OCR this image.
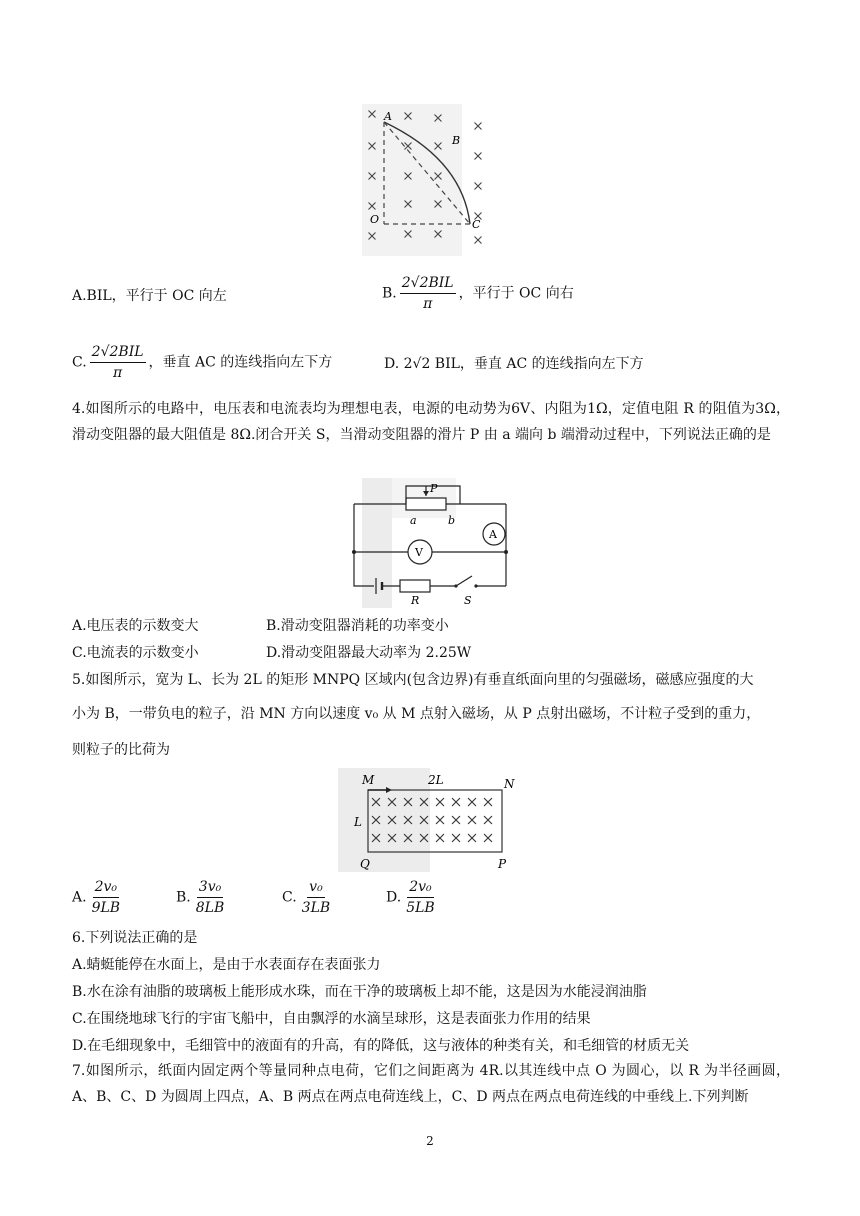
A
B
O	C
A.BIL，平行于 OC 向左	B. $\frac{\text{2√2BIL}}{\pi}$ ，平行于 OC 向右
C. $\frac{\text{2√2BIL}}{\pi}$ ，垂直 AC 的连线指向左下方	D. 2√2 BIL，垂直 AC 的连线指向左下方
4.如图所示的电路中，电压表和电流表均为理想电表，电源的电动势为6V、内阻为1Ω，定值电阻 R 的阻值为3Ω，滑动变阻器的最大阻值是 8Ω.闭合开关 S，当滑动变阻器的滑片 P 由 a 端向 b 端滑动过程中，下列说法正确的是
P
a	b
A
V
R	S
A.电压表的示数变大	B.滑动变阻器消耗的功率变小
C.电流表的示数变小	D.滑动变阻器最大动率为 2.25W
5.如图所示，宽为 L、长为 2L 的矩形 MNPQ 区域内(包含边界)有垂直纸面向里的匀强磁场，磁感应强度的大
小为 B，一带负电的粒子，沿 MN 方向以速度 v₀ 从 M 点射入磁场，从 P 点射出磁场，不计粒子受到的重力，
则粒子的比荷为
M	2L	N
L
Q	P
A. $\frac{\text{2v₀}}{9LB}$	B. $\frac{\text{3v₀}}{8LB}$	C. $\frac{\text{v₀}}{3LB}$	D. $\frac{\text{2v₀}}{5LB}$
6.下列说法正确的是
A.蜻蜓能停在水面上，是由于水表面存在表面张力
B.水在涂有油脂的玻璃板上能形成水珠，而在干净的玻璃板上却不能，这是因为水能浸润油脂
C.在围绕地球飞行的宇宙飞船中，自由飘浮的水滴呈球形，这是表面张力作用的结果
D.在毛细现象中，毛细管中的液面有的升高，有的降低，这与液体的种类有关，和毛细管的材质无关
7.如图所示，纸面内固定两个等量同种点电荷，它们之间距离为 4R.以其连线中点 O 为圆心，以 R 为半径画圆，A、B、C、D 为圆周上四点，A、B 两点在两点电荷连线上，C、D 两点在两点电荷连线的中垂线上.下列判断
2
